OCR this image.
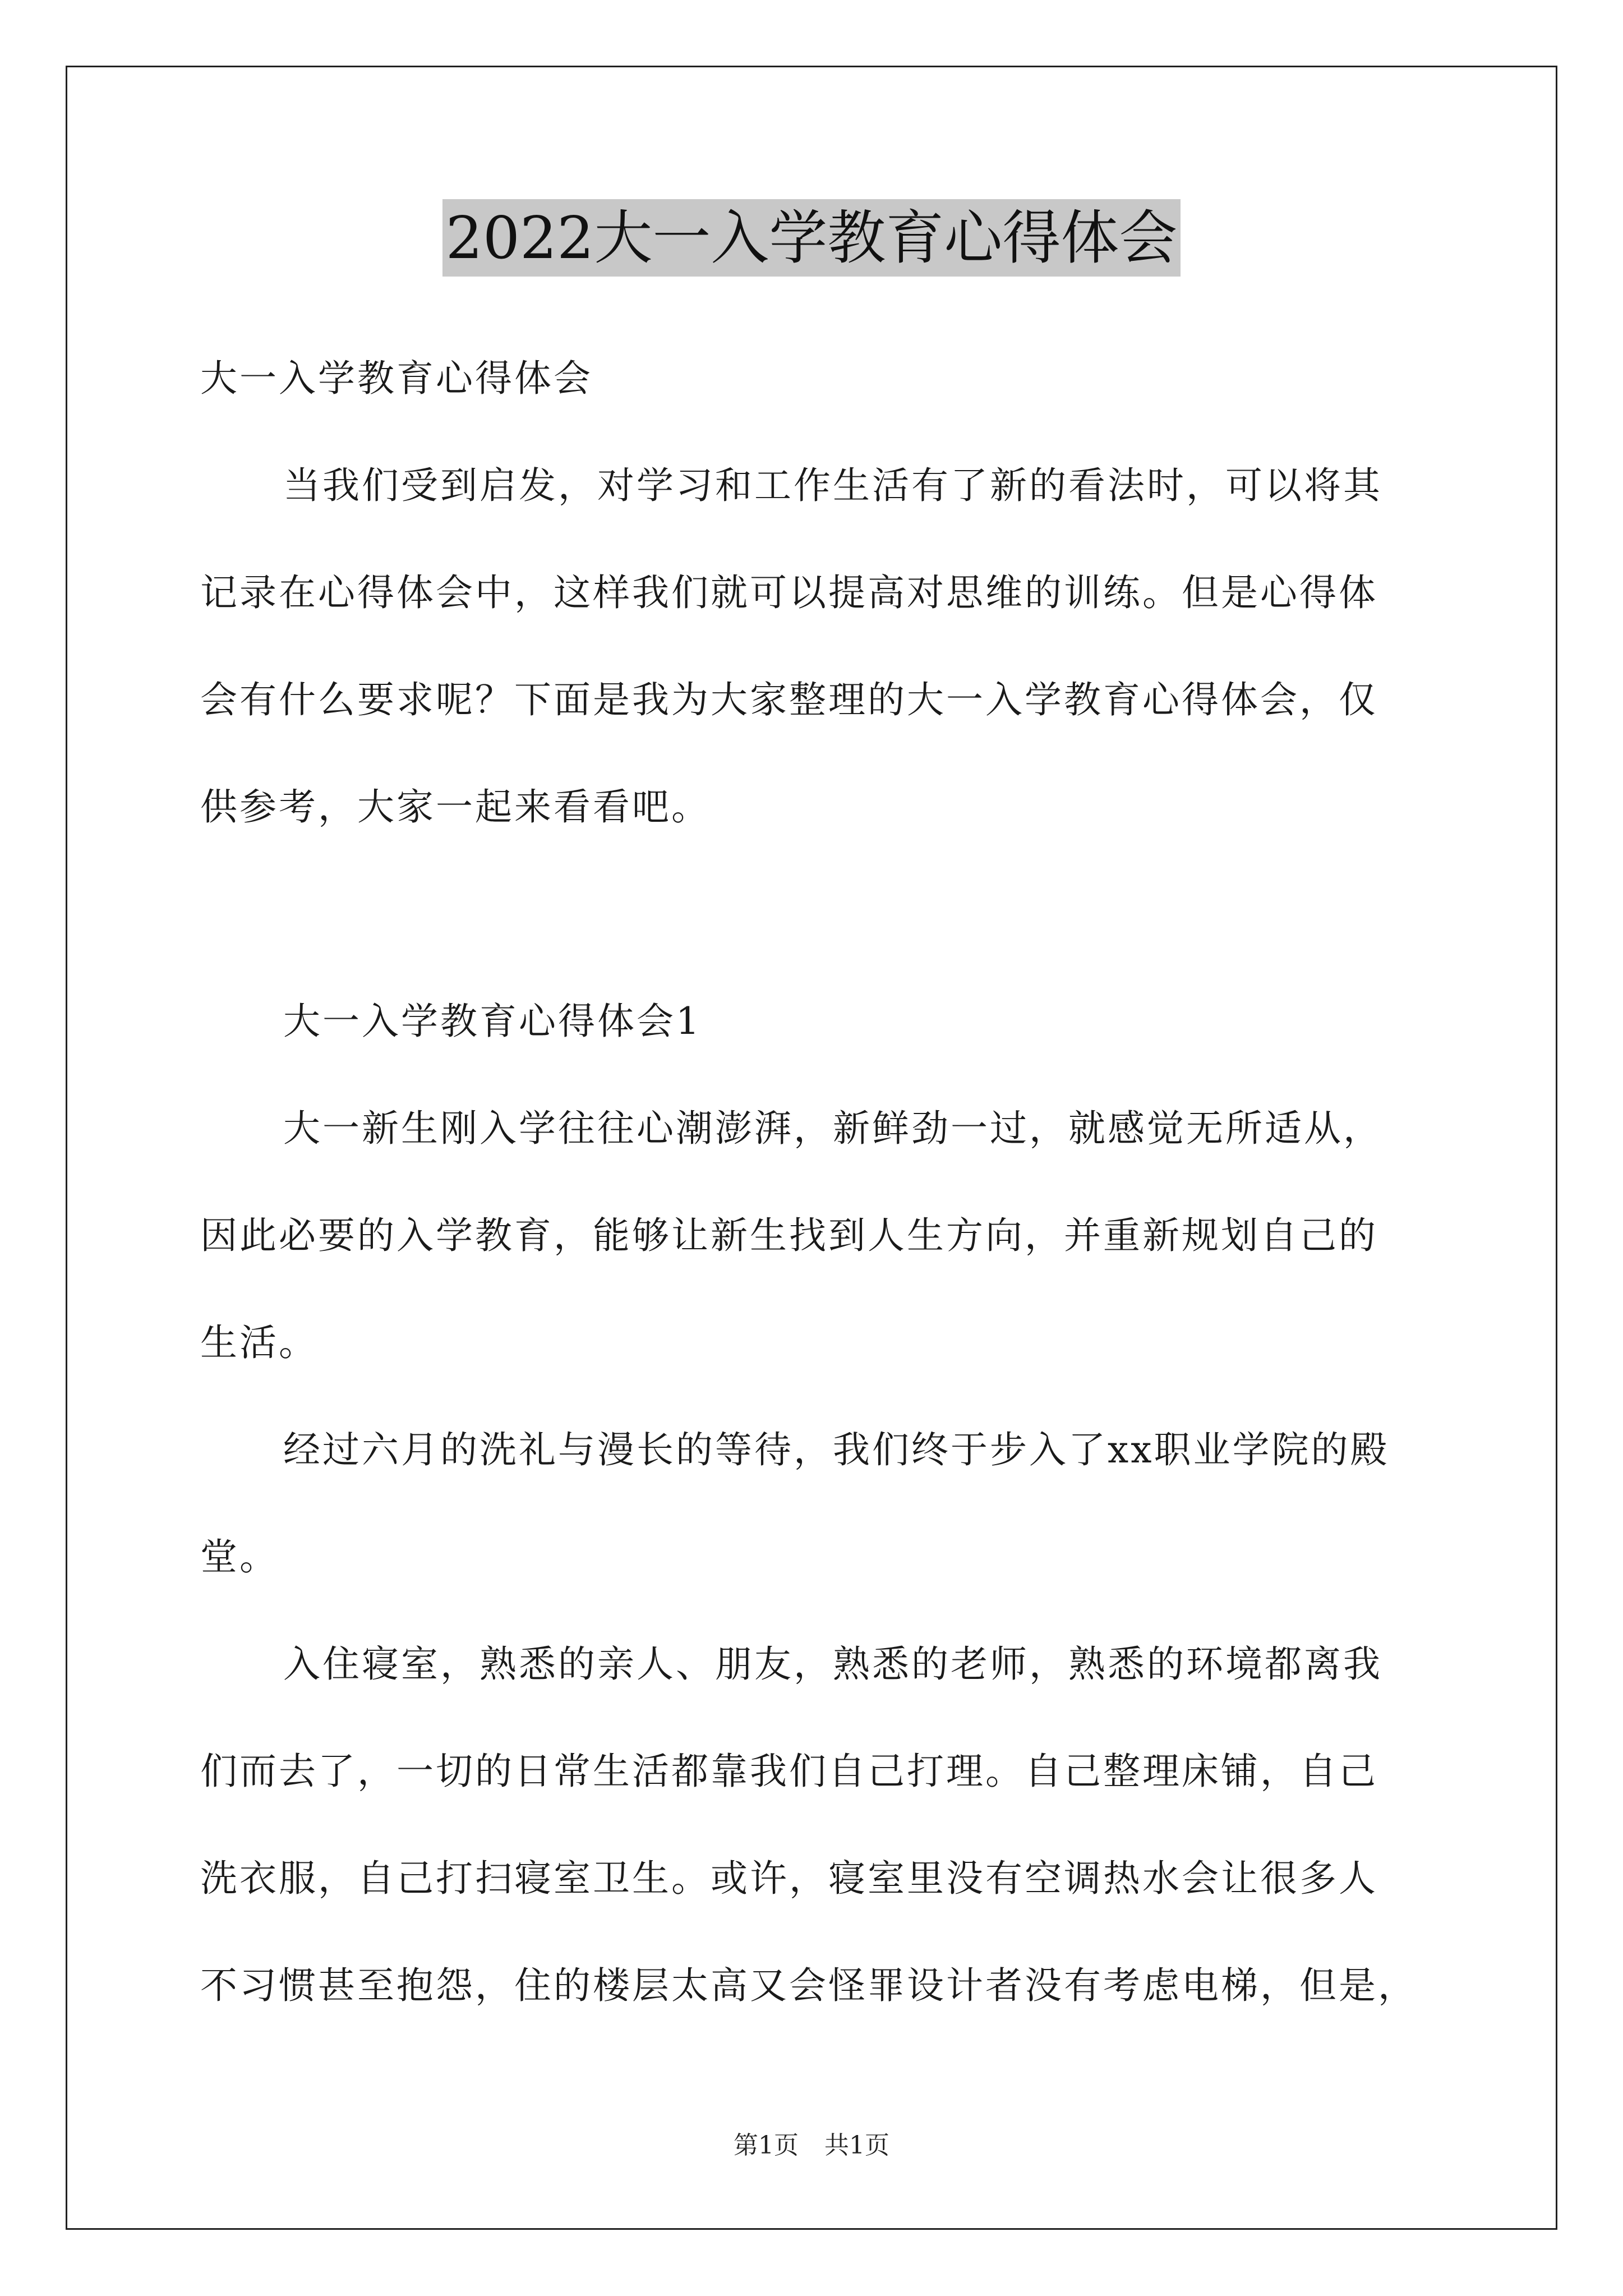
2022大一入学教育心得体会
大一入学教育心得体会
当我们受到启发，对学习和工作生活有了新的看法时，可以将其
记录在心得体会中，这样我们就可以提高对思维的训练。但是心得体
会有什么要求呢？下面是我为大家整理的大一入学教育心得体会，仅
供参考，大家一起来看看吧。
大一入学教育心得体会1
大一新生刚入学往往心潮澎湃，新鲜劲一过，就感觉无所适从，
因此必要的入学教育，能够让新生找到人生方向，并重新规划自己的
生活。
经过六月的洗礼与漫长的等待，我们终于步入了xx职业学院的殿
堂。
入住寝室，熟悉的亲人、朋友，熟悉的老师，熟悉的环境都离我
们而去了，一切的日常生活都靠我们自己打理。自己整理床铺，自己
洗衣服，自己打扫寝室卫生。或许，寝室里没有空调热水会让很多人
不习惯甚至抱怨，住的楼层太高又会怪罪设计者没有考虑电梯，但是，
第1页 共1页
